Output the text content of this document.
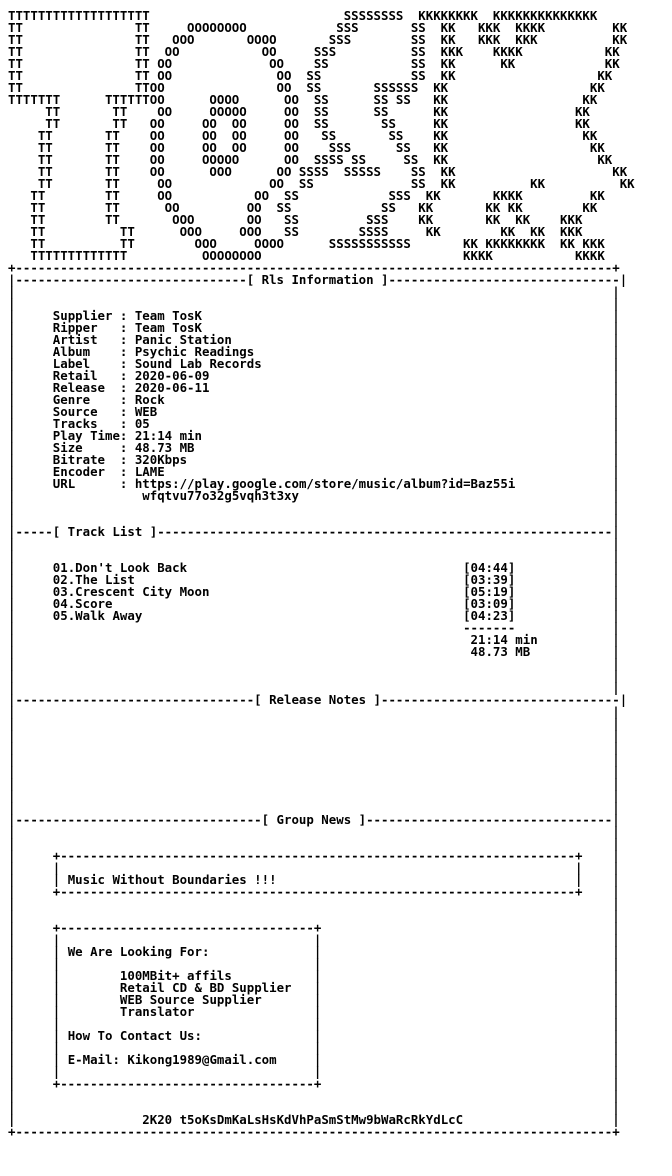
TTTTTTTTTTTTTTTTTTT                          SSSSSSSS  KKKKKKKK  KKKKKKKKKKKKKK
TT               TT     OOOOOOOO            SSS       SS  KK   KKK  KKKK         KK
TT               TT   OOO       OOOO       SSS        SS  KK   KKK  KKK          KK
TT               TT  OO           OO     SSS          SS  KKK    KKKK           KK
TT               TT OO             OO    SS           SS  KK      KK            KK
TT               TT OO              OO  SS            SS  KK                   KK
TT               TTOO               OO  SS       SSSSSS  KK                   KK
TTTTTTT      TTTTTTOO      OOOO      OO  SS      SS SS   KK                  KK
TT       TT    OO     OOOOO     OO  SS      SS      KK                 KK
TT       TT   OO     OO  OO     OO  SS       SS     KK                 KK
TT       TT    OO     OO  OO     OO   SS       SS    KK                  KK
TT       TT    OO     OO  OO     OO    SSS      SS   KK                   KK
TT       TT    OO     OOOOO      OO  SSSS SS     SS  KK                    KK
TT       TT    OO      OOO      OO SSSS  SSSSS    SS  KK                     KK
TT       TT     OO             OO  SS             SS  KK          KK          KK
TT        TT     OO           OO  SS            SSS  KK       KKKK         KK
TT        TT      OO         OO  SS            SS   KK       KK KK        KK
TT        TT       OOO       OO   SS         SSS    KK       KK  KK    KKK
TT          TT      OOO     OOO   SS        SSSS     KK        KK  KK  KKK
TT          TT        OOO     OOOO      SSSSSSSSSSS       KK KKKKKKKK  KK KKK
TTTTTTTTTTTTT          OOOOOOOO                           KKKK           KKKK
+--------------------------------------------------------------------------------+
|-------------------------------[ Rls Information ]-------------------------------|
|                                                                                |
|                                                                                |
|	Supplier : Team TosK                                                       |
|	Ripper   : Team TosK                                                       |
|	Artist   : Panic Station                                                   |
|	Album    : Psychic Readings                                                |
|	Label    : Sound Lab Records                                               |
|	Retail   : 2020-06-09                                                      |
|	Release  : 2020-06-11                                                      |
|	Genre    : Rock                                                            |
|	Source   : WEB                                                             |
|	Tracks   : 05                                                              |
|	Play Time: 21:14 min                                                       |
|	Size     : 48.73 MB                                                        |
|	Bitrate  : 320Kbps                                                         |
|	Encoder  : LAME                                                            |
|	URL      : https://play.google.com/store/music/album?id=Baz55i             |
|	wfqtvu77o32g5vqh3t3xy                                          |
|                                                                                |
|                                                                                |
|-----[ Track List ]-------------------------------------------------------------|
|                                                                                |
|                                                                                |
|	01.Don't Look Back                                     [04:44]             |
|	02.The List                                            [03:39]             |
|	03.Crescent City Moon                                  [05:19]             |
|	04.Score                                               [03:09]             |
|	05.Walk Away                                           [04:23]             |
|	-------             |
|	21:14 min          |
|	48.73 MB           |
|                                                                                |
|                                                                                |
|                                                                                |
|--------------------------------[ Release Notes ]--------------------------------|
|                                                                                |
|                                                                                |
|                                                                                |
|                                                                                |
|                                                                                |
|                                                                                |
|                                                                                |
|                                                                                |
|                                                                                |
|---------------------------------[ Group News ]---------------------------------|
|                                                                                |
|                                                                                |
|     +---------------------------------------------------------------------+    |
|     |                                                                     |    |
|     | Music Without Boundaries !!!                                        |    |
|     +---------------------------------------------------------------------+    |
|                                                                                |
|                                                                                |
|     +----------------------------------+                                       |
|     |                                  |                                       |
|     | We Are Looking For:              |                                       |
|     |                                  |                                       |
|     |	100MBit+ affils           |                                       |
|     |	Retail CD & BD Supplier   |                                       |
|     |	WEB Source Supplier       |                                       |
|     |	Translator                |                                       |
|     |                                  |                                       |
|     | How To Contact Us:               |                                       |
|     |                                  |                                       |
|     | E-Mail: Kikong1989@Gmail.com     |                                       |
|     |                                  |                                       |
|     +----------------------------------+                                       |
|                                                                                |
|                                                                                |
|	2K20 t5oKsDmKaLsHsKdVhPaSmStMw9bWaRcRkYdLcC                    |
+--------------------------------------------------------------------------------+
